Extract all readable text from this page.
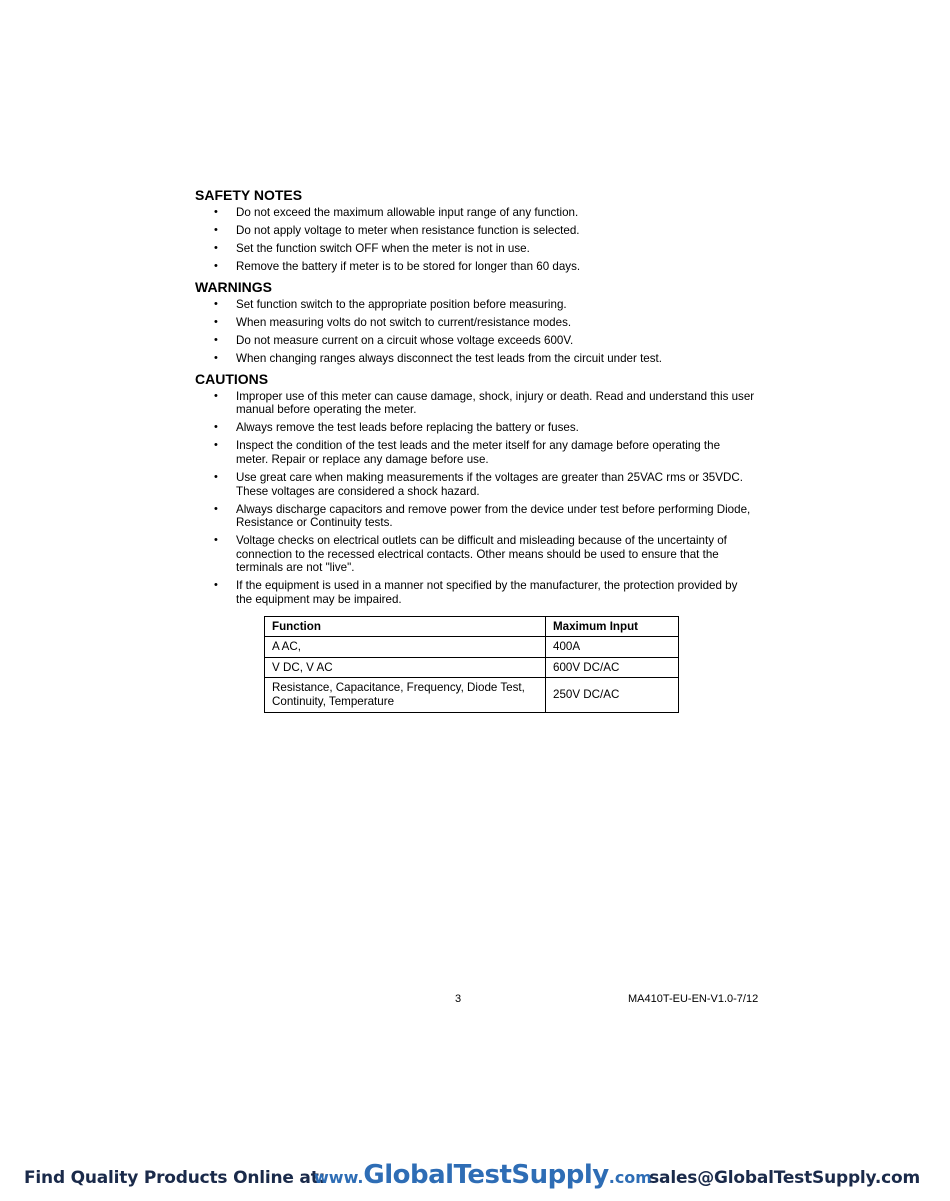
SAFETY NOTES
• Do not exceed the maximum allowable input range of any function.
• Do not apply voltage to meter when resistance function is selected.
• Set the function switch OFF when the meter is not in use.
• Remove the battery if meter is to be stored for longer than 60 days.
WARNINGS
• Set function switch to the appropriate position before measuring.
• When measuring volts do not switch to current/resistance modes.
• Do not measure current on a circuit whose voltage exceeds 600V.
• When changing ranges always disconnect the test leads from the circuit under test.
CAUTIONS
• Improper use of this meter can cause damage, shock, injury or death. Read and understand this user manual before operating the meter.
• Always remove the test leads before replacing the battery or fuses.
• Inspect the condition of the test leads and the meter itself for any damage before operating the meter. Repair or replace any damage before use.
• Use great care when making measurements if the voltages are greater than 25VAC rms or 35VDC. These voltages are considered a shock hazard.
• Always discharge capacitors and remove power from the device under test before performing Diode, Resistance or Continuity tests.
• Voltage checks on electrical outlets can be difficult and misleading because of the uncertainty of connection to the recessed electrical contacts. Other means should be used to ensure that the terminals are not "live".
• If the equipment is used in a manner not specified by the manufacturer, the protection provided by the equipment may be impaired.
Function	Maximum Input
A AC,	400A
V DC, V AC	600V DC/AC
Resistance, Capacitance, Frequency, Diode Test, Continuity, Temperature	250V DC/AC
3	MA410T-EU-EN-V1.0-7/12
Find Quality Products Online at:
www.GlobalTestSupply.com
sales@GlobalTestSupply.com
